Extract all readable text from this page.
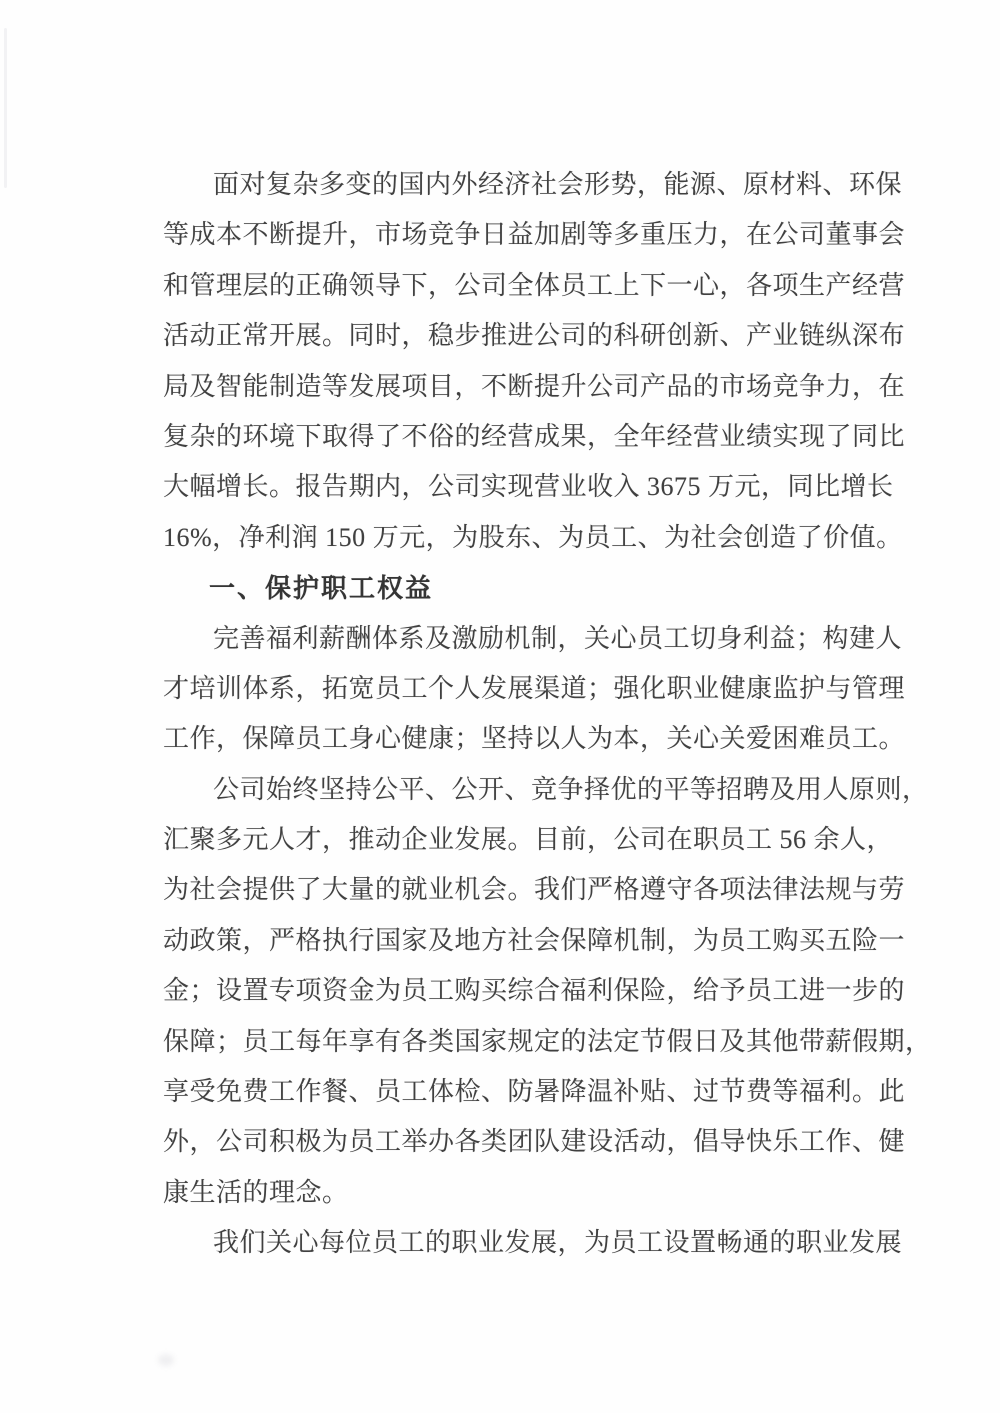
面对复杂多变的国内外经济社会形势，能源、原材料、环保
等成本不断提升，市场竞争日益加剧等多重压力，在公司董事会
和管理层的正确领导下，公司全体员工上下一心，各项生产经营
活动正常开展。同时，稳步推进公司的科研创新、产业链纵深布
局及智能制造等发展项目，不断提升公司产品的市场竞争力，在
复杂的环境下取得了不俗的经营成果，全年经营业绩实现了同比
大幅增长。报告期内，公司实现营业收入 3675 万元，同比增长
16%，净利润 150 万元，为股东、为员工、为社会创造了价值。
一、保护职工权益
完善福利薪酬体系及激励机制，关心员工切身利益；构建人
才培训体系，拓宽员工个人发展渠道；强化职业健康监护与管理
工作，保障员工身心健康；坚持以人为本，关心关爱困难员工。
公司始终坚持公平、公开、竞争择优的平等招聘及用人原则，
汇聚多元人才，推动企业发展。目前，公司在职员工 56 余人，
为社会提供了大量的就业机会。我们严格遵守各项法律法规与劳
动政策，严格执行国家及地方社会保障机制，为员工购买五险一
金；设置专项资金为员工购买综合福利保险，给予员工进一步的
保障；员工每年享有各类国家规定的法定节假日及其他带薪假期，
享受免费工作餐、员工体检、防暑降温补贴、过节费等福利。此
外，公司积极为员工举办各类团队建设活动，倡导快乐工作、健
康生活的理念。
我们关心每位员工的职业发展，为员工设置畅通的职业发展
